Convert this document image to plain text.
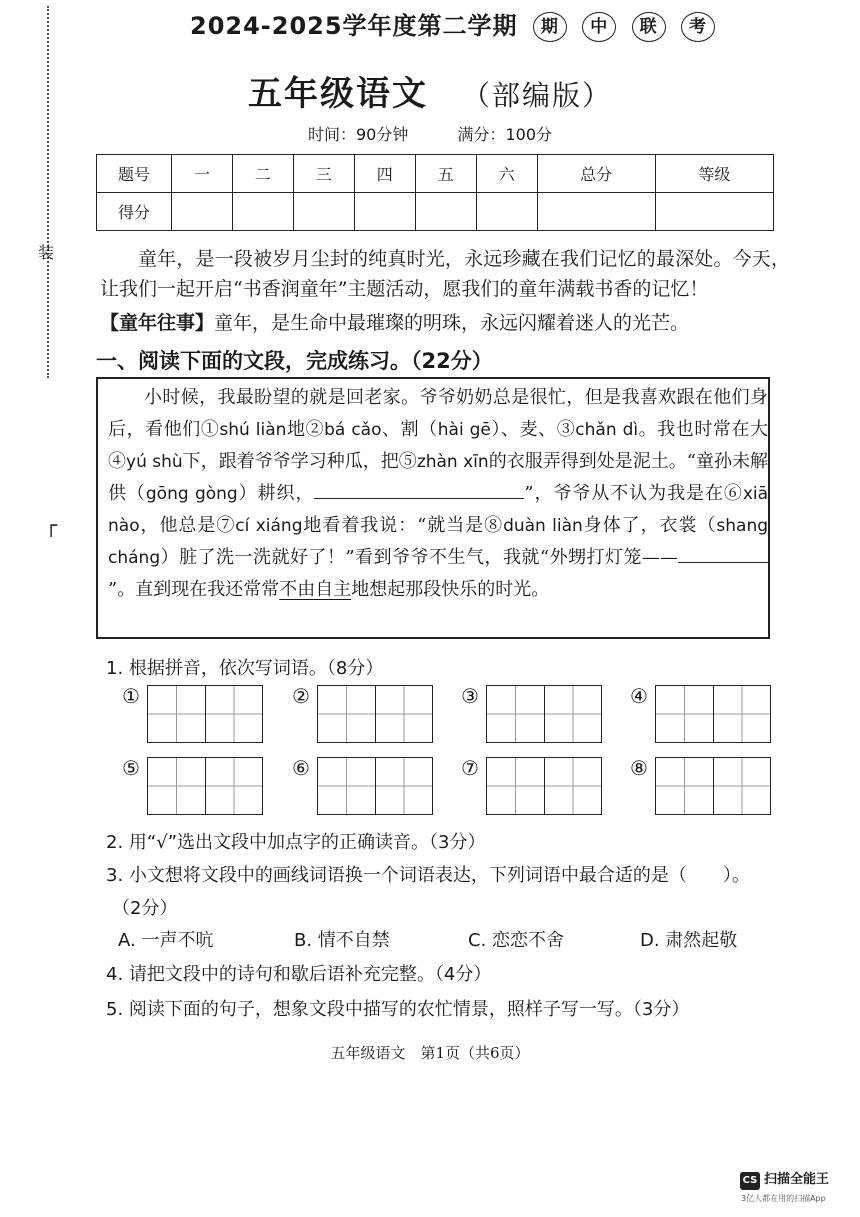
装
┌
2024-2025学年度第二学期 期 中 联 考
五年级语文 （部编版）
时间：90分钟	满分：100分
题号	一	二	三	四	五	六	总分	等级
得分								
童年，是一段被岁月尘封的纯真时光，永远珍藏在我们记忆的最深处。今天，让我们一起开启“书香润童年”主题活动，愿我们的童年满载书香的记忆！
【童年往事】童年，是生命中最璀璨的明珠，永远闪耀着迷人的光芒。
一、阅读下面的文段，完成练习。（22分）
小时候，我最盼望的就是回老家。爷爷奶奶总是很忙，但是我喜欢跟在他们身后，看他们①shú liàn地②bá cǎo、割（hài gē）、麦、③chǎn dì。我也时常在大④yú shù下，跟着爷爷学习种瓜，把⑤zhàn xīn的衣服弄得到处是泥土。“童孙未解供（gōng gòng）耕织，	”，爷爷从不认为我是在⑥xiā nào，他总是⑦cí xiáng地看着我说：“就当是⑧duàn liàn身体了，衣裳（shang cháng）脏了洗一洗就好了！”看到爷爷不生气，我就“外甥打灯笼——”。直到现在我还常常不由自主地想起那段快乐的时光。
1. 根据拼音，依次写词语。（8分）
①	②	③	④
⑤	⑥	⑦	⑧
2. 用“√”选出文段中加点字的正确读音。（3分）
3. 小文想将文段中的画线词语换一个词语表达，下列词语中最合适的是（　　）。
（2分）
A. 一声不吭	B. 情不自禁	C. 恋恋不舍	D. 肃然起敬
4. 请把文段中的诗句和歇后语补充完整。（4分）
5. 阅读下面的句子，想象文段中描写的农忙情景，照样子写一写。（3分）
五年级语文　第1页（共6页）
CS 扫描全能王
3亿人都在用的扫描App
